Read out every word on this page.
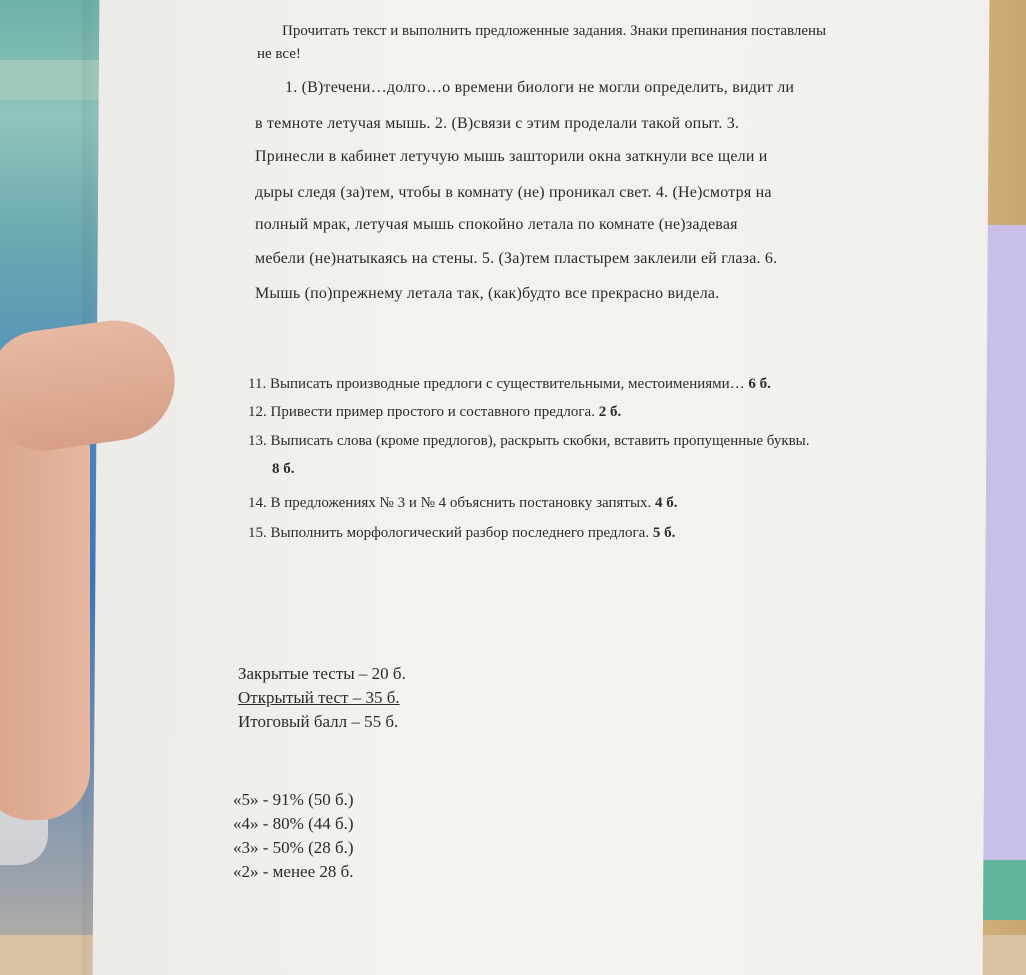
Прочитать текст и выполнить предложенные задания. Знаки препинания поставлены
не все!
1. (В)течени…долго…о времени биологи не могли определить, видит ли
в темноте летучая мышь. 2. (В)связи с этим проделали такой опыт. 3.
Принесли в кабинет летучую мышь зашторили окна заткнули все щели и
дыры следя (за)тем, чтобы в комнату (не) проникал свет. 4. (Не)смотря на
полный мрак, летучая мышь спокойно летала по комнате (не)задевая
мебели (не)натыкаясь на стены. 5. (За)тем пластырем заклеили ей глаза. 6.
Мышь (по)прежнему летала так, (как)будто все прекрасно видела.
11. Выписать производные предлоги с существительными, местоимениями… 6 б.
12. Привести пример простого и составного предлога. 2 б.
13. Выписать слова (кроме предлогов), раскрыть скобки, вставить пропущенные буквы.
8 б.
14. В предложениях № 3 и № 4 объяснить постановку запятых. 4 б.
15. Выполнить морфологический разбор последнего предлога. 5 б.
Закрытые тесты – 20 б.
Открытый тест – 35 б.
Итоговый балл – 55 б.
«5» - 91% (50 б.)
«4» - 80% (44 б.)
«3» - 50% (28 б.)
«2» - менее 28 б.
